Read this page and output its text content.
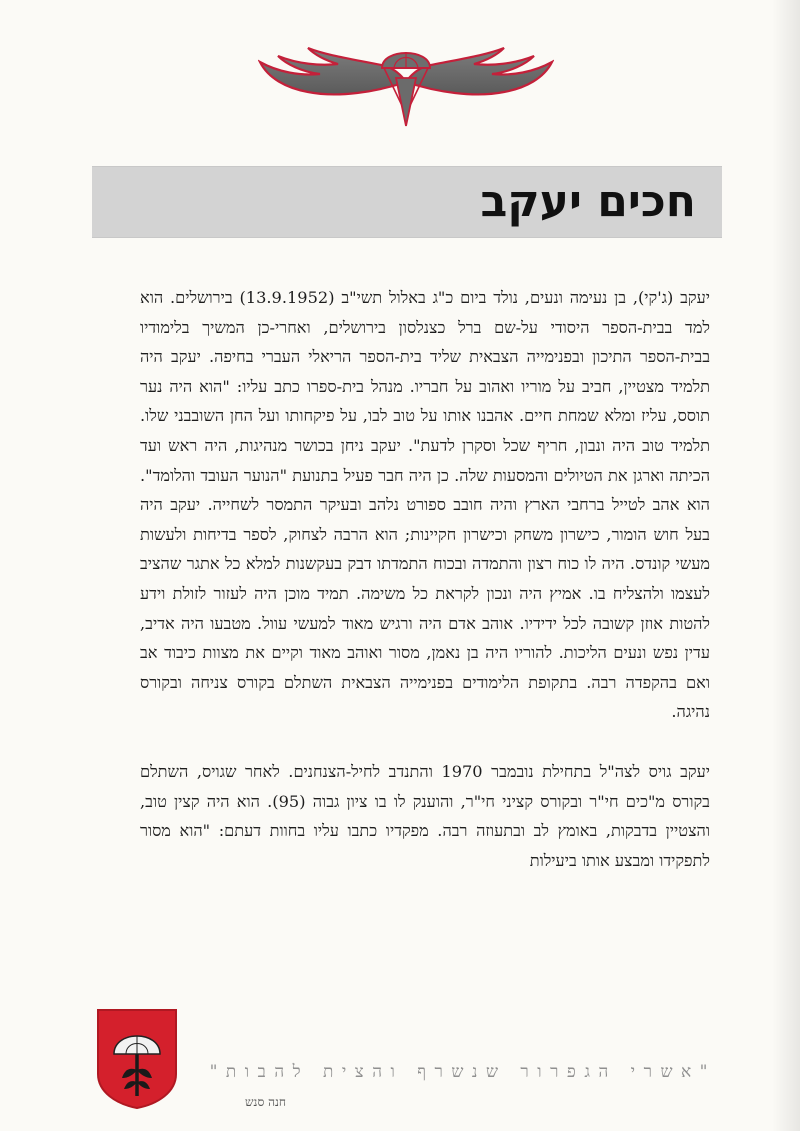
חכים יעקב

יעקב (ג'קי), בן נעימה ונעים, נולד ביום כ"ג באלול תשי"ב (13.9.1952) בירושלים. הוא למד בבית-הספר היסודי על-שם ברל כצנלסון בירושלים, ואחרי-כן המשיך בלימודיו בבית-הספר התיכון ובפנימייה הצבאית שליד בית-הספר הריאלי העברי בחיפה. יעקב היה תלמיד מצטיין, חביב על מוריו ואהוב על חבריו. מנהל בית-ספרו כתב עליו: "הוא היה נער תוסס, עליז ומלא שמחת חיים. אהבנו אותו על טוב לבו, על פיקחותו ועל החן השובבני שלו. תלמיד טוב היה ונבון, חריף שכל וסקרן לדעת". יעקב ניחן בכושר מנהיגות, היה ראש ועד הכיתה וארגן את הטיולים והמסעות שלה. כן היה חבר פעיל בתנועת "הנוער העובד והלומד". הוא אהב לטייל ברחבי הארץ והיה חובב ספורט נלהב ובעיקר התמסר לשחייה. יעקב היה בעל חוש הומור, כישרון משחק וכישרון חקיינות; הוא הרבה לצחוק, לספר בדיחות ולעשות מעשי קונדס. היה לו כוח רצון והתמדה ובכוח התמדתו דבק בעקשנות למלא כל אתגר שהציב לעצמו ולהצליח בו. אמיץ היה ונכון לקראת כל משימה. תמיד מוכן היה לעזור לזולת וידע להטות אוזן קשובה לכל ידידיו. אוהב אדם היה ורגיש מאוד למעשי עוול. מטבעו היה אדיב, עדין נפש ונעים הליכות. להוריו היה בן נאמן, מסור ואוהב מאוד וקיים את מצוות כיבוד אב ואם בהקפדה רבה. בתקופת הלימודים בפנימייה הצבאית השתלם בקורס צניחה ובקורס נהיגה.

יעקב גויס לצה"ל בתחילת נובמבר 1970 והתנדב לחיל-הצנחנים. לאחר שגויס, השתלם בקורס מ"כים חי"ר ובקורס קציני חי"ר, והוענק לו בו ציון גבוה (95). הוא היה קצין טוב, והצטיין בדבקות, באומץ לב ובתעוזה רבה. מפקדיו כתבו עליו בחוות דעתם: "הוא מסור לתפקידו ומבצע אותו ביעילות

"אשרי הגפרור שנשרף והצית להבות"
חנה סנש
